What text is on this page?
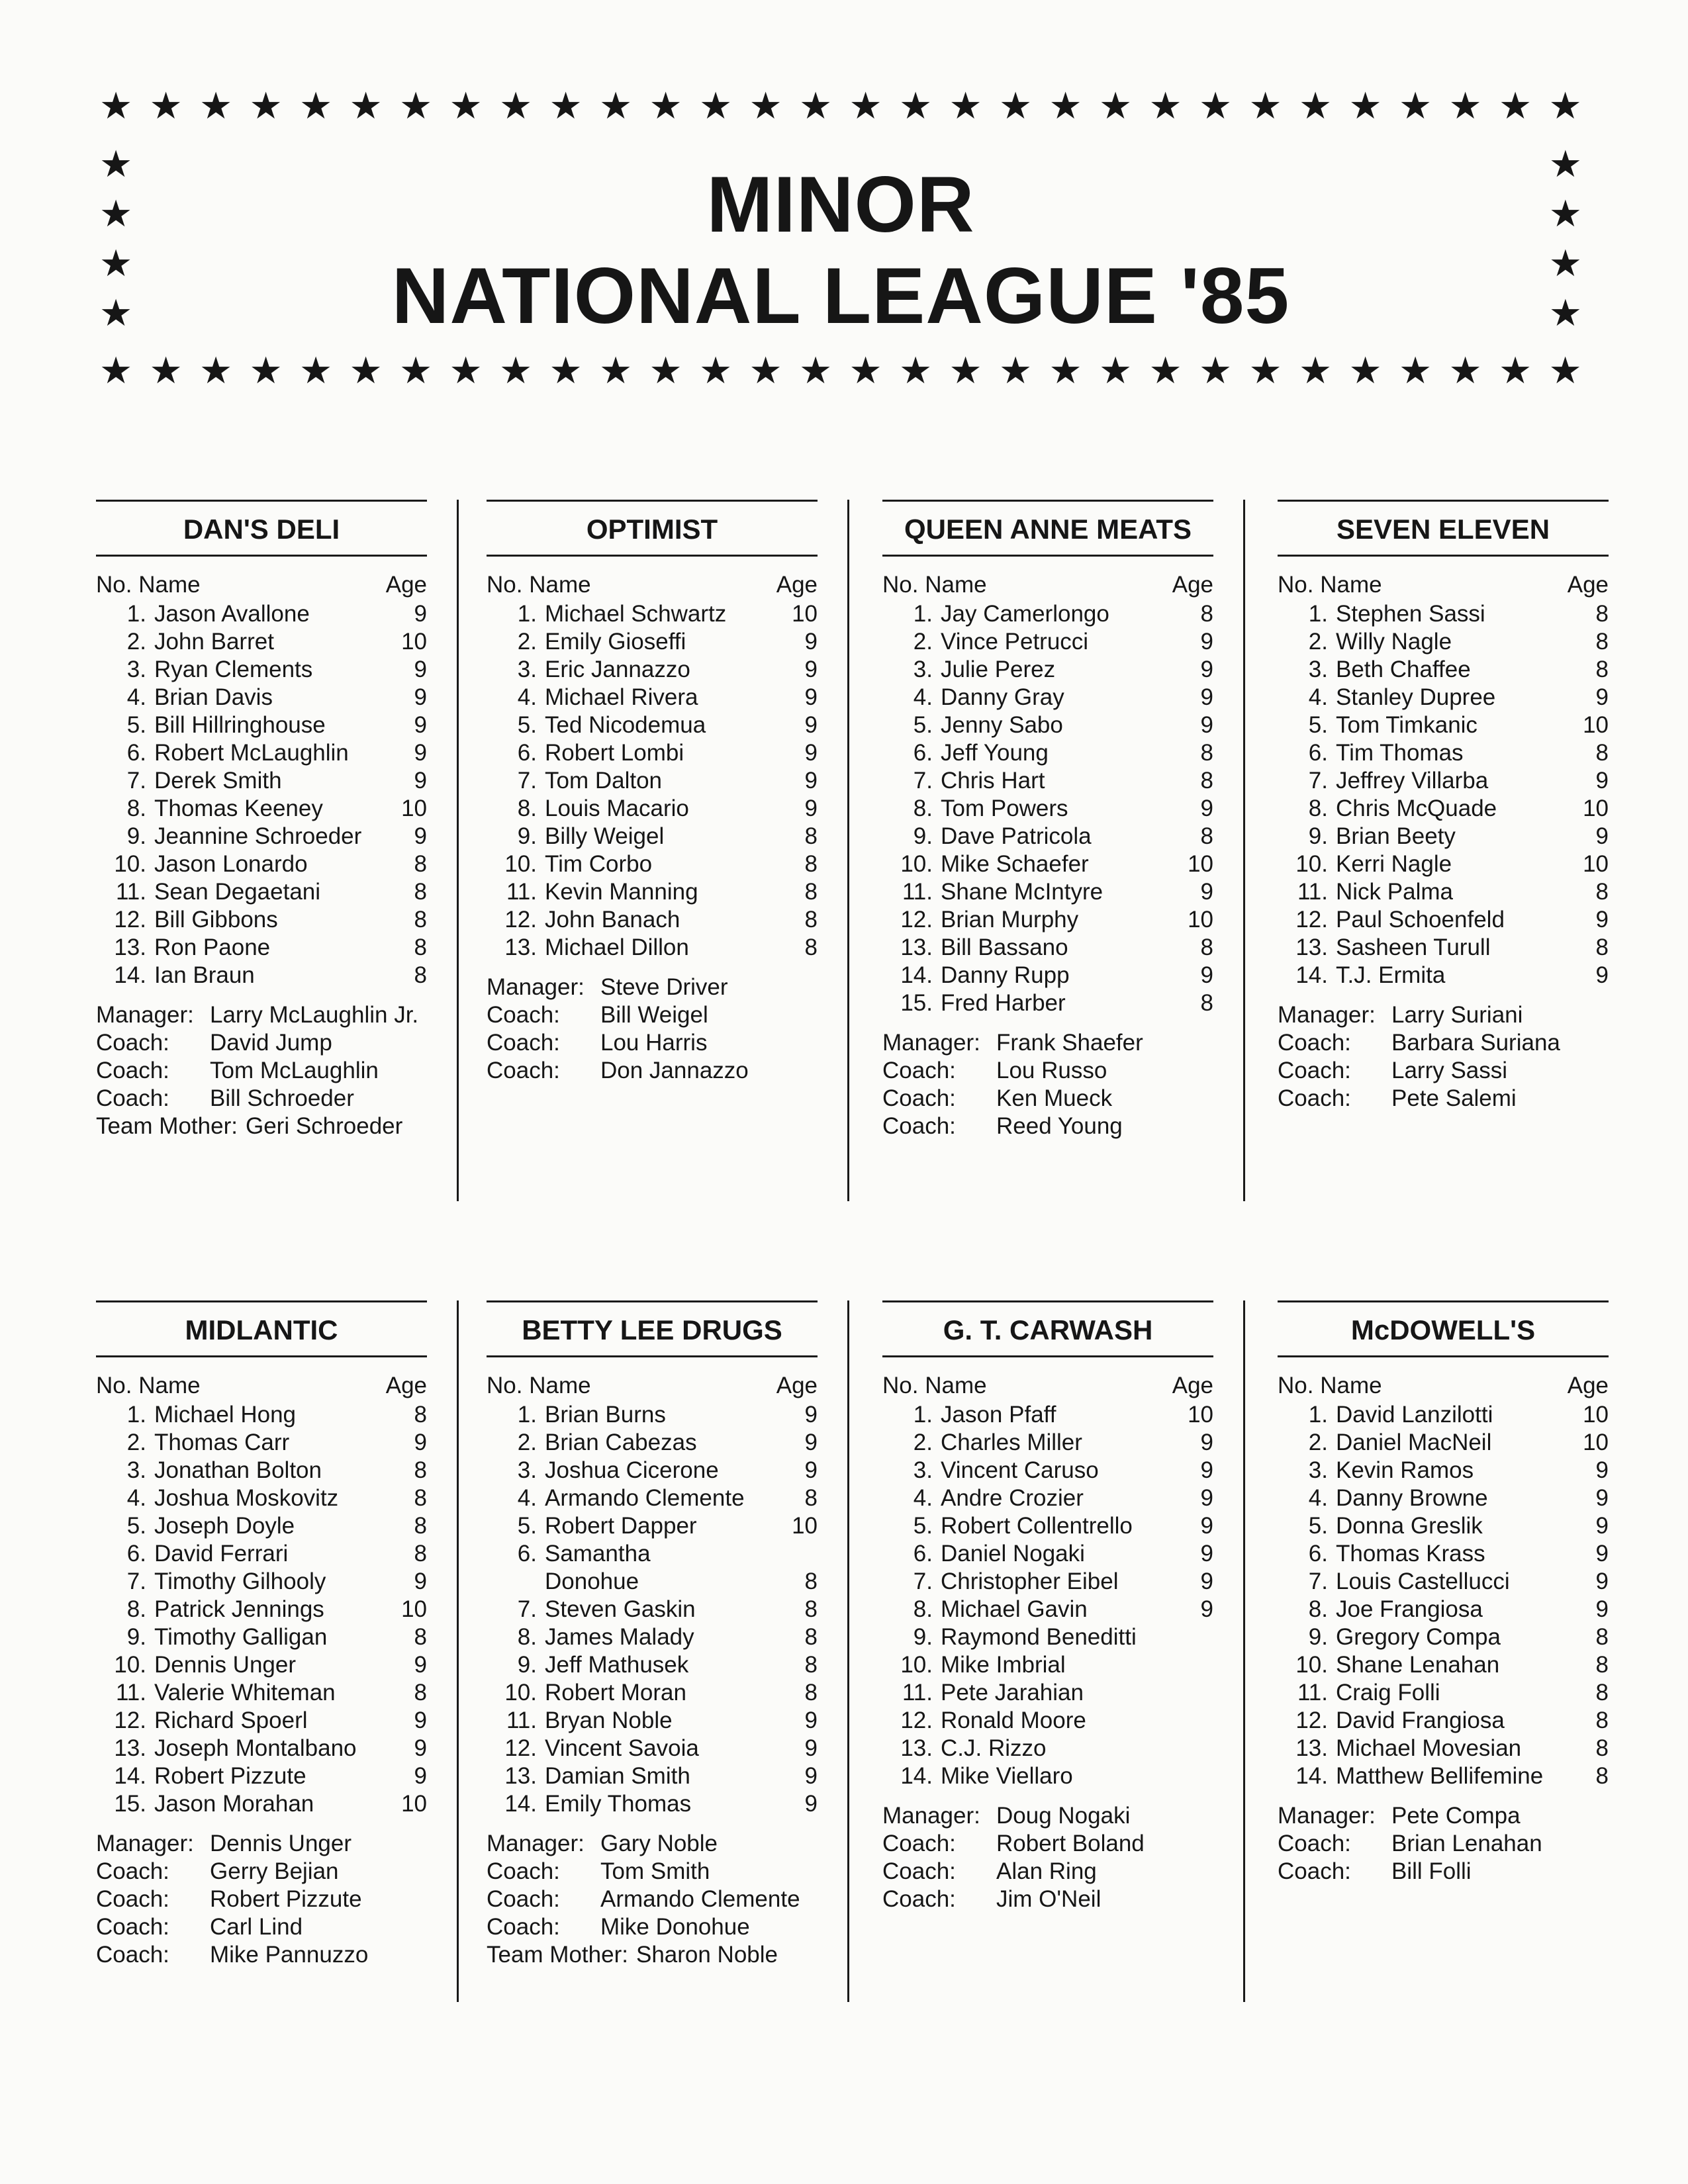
★ ★ ★ ★ ★ ★ ★ ★ ★ ★ ★ ★ ★ ★ ★ ★ ★ ★ ★ ★ ★ ★ ★ ★ ★ ★ ★ ★ ★ ★
★
★
★
★
★
★
★
★
MINOR
NATIONAL LEAGUE '85
★ ★ ★ ★ ★ ★ ★ ★ ★ ★ ★ ★ ★ ★ ★ ★ ★ ★ ★ ★ ★ ★ ★ ★ ★ ★ ★ ★ ★ ★
DAN'S DELI
No. Name	Age
1. Jason Avallone	9
2. John Barret	10
3. Ryan Clements	9
4. Brian Davis	9
5. Bill Hillringhouse	9
6. Robert McLaughlin	9
7. Derek Smith	9
8. Thomas Keeney	10
9. Jeannine Schroeder	9
10. Jason Lonardo	8
11. Sean Degaetani	8
12. Bill Gibbons	8
13. Ron Paone	8
14. Ian Braun	8
Manager: Larry McLaughlin Jr.
Coach:	David Jump
Coach:	Tom McLaughlin
Coach:	Bill Schroeder
Team Mother: Geri Schroeder
OPTIMIST
No. Name	Age
1. Michael Schwartz	10
2. Emily Gioseffi	9
3. Eric Jannazzo	9
4. Michael Rivera	9
5. Ted Nicodemua	9
6. Robert Lombi	9
7. Tom Dalton	9
8. Louis Macario	9
9. Billy Weigel	8
10. Tim Corbo	8
11. Kevin Manning	8
12. John Banach	8
13. Michael Dillon	8
Manager: Steve Driver
Coach:	Bill Weigel
Coach:	Lou Harris
Coach:	Don Jannazzo
QUEEN ANNE MEATS
No. Name	Age
1. Jay Camerlongo	8
2. Vince Petrucci	9
3. Julie Perez	9
4. Danny Gray	9
5. Jenny Sabo	9
6. Jeff Young	8
7. Chris Hart	8
8. Tom Powers	9
9. Dave Patricola	8
10. Mike Schaefer	10
11. Shane McIntyre	9
12. Brian Murphy	10
13. Bill Bassano	8
14. Danny Rupp	9
15. Fred Harber	8
Manager: Frank Shaefer
Coach:	Lou Russo
Coach:	Ken Mueck
Coach:	Reed Young
SEVEN ELEVEN
No. Name	Age
1. Stephen Sassi	8
2. Willy Nagle	8
3. Beth Chaffee	8
4. Stanley Dupree	9
5. Tom Timkanic	10
6. Tim Thomas	8
7. Jeffrey Villarba	9
8. Chris McQuade	10
9. Brian Beety	9
10. Kerri Nagle	10
11. Nick Palma	8
12. Paul Schoenfeld	9
13. Sasheen Turull	8
14. T.J. Ermita	9
Manager: Larry Suriani
Coach:	Barbara Suriana
Coach:	Larry Sassi
Coach:	Pete Salemi
MIDLANTIC
No. Name	Age
1. Michael Hong	8
2. Thomas Carr	9
3. Jonathan Bolton	8
4. Joshua Moskovitz	8
5. Joseph Doyle	8
6. David Ferrari	8
7. Timothy Gilhooly	9
8. Patrick Jennings	10
9. Timothy Galligan	8
10. Dennis Unger	9
11. Valerie Whiteman	8
12. Richard Spoerl	9
13. Joseph Montalbano	9
14. Robert Pizzute	9
15. Jason Morahan	10
Manager: Dennis Unger
Coach:	Gerry Bejian
Coach:	Robert Pizzute
Coach:	Carl Lind
Coach:	Mike Pannuzzo
BETTY LEE DRUGS
No. Name	Age
1. Brian Burns	9
2. Brian Cabezas	9
3. Joshua Cicerone	9
4. Armando Clemente	8
5. Robert Dapper	10
6. Samantha
Donohue	8
7. Steven Gaskin	8
8. James Malady	8
9. Jeff Mathusek	8
10. Robert Moran	8
11. Bryan Noble	9
12. Vincent Savoia	9
13. Damian Smith	9
14. Emily Thomas	9
Manager: Gary Noble
Coach:	Tom Smith
Coach:	Armando Clemente
Coach:	Mike Donohue
Team Mother: Sharon Noble
G. T. CARWASH
No. Name	Age
1. Jason Pfaff	10
2. Charles Miller	9
3. Vincent Caruso	9
4. Andre Crozier	9
5. Robert Collentrello	9
6. Daniel Nogaki	9
7. Christopher Eibel	9
8. Michael Gavin	9
9. Raymond Beneditti
10. Mike Imbrial
11. Pete Jarahian
12. Ronald Moore
13. C.J. Rizzo
14. Mike Viellaro
Manager: Doug Nogaki
Coach:	Robert Boland
Coach:	Alan Ring
Coach:	Jim O'Neil
McDOWELL'S
No. Name	Age
1. David Lanzilotti	10
2. Daniel MacNeil	10
3. Kevin Ramos	9
4. Danny Browne	9
5. Donna Greslik	9
6. Thomas Krass	9
7. Louis Castellucci	9
8. Joe Frangiosa	9
9. Gregory Compa	8
10. Shane Lenahan	8
11. Craig Folli	8
12. David Frangiosa	8
13. Michael Movesian	8
14. Matthew Bellifemine	8
Manager: Pete Compa
Coach:	Brian Lenahan
Coach:	Bill Folli
